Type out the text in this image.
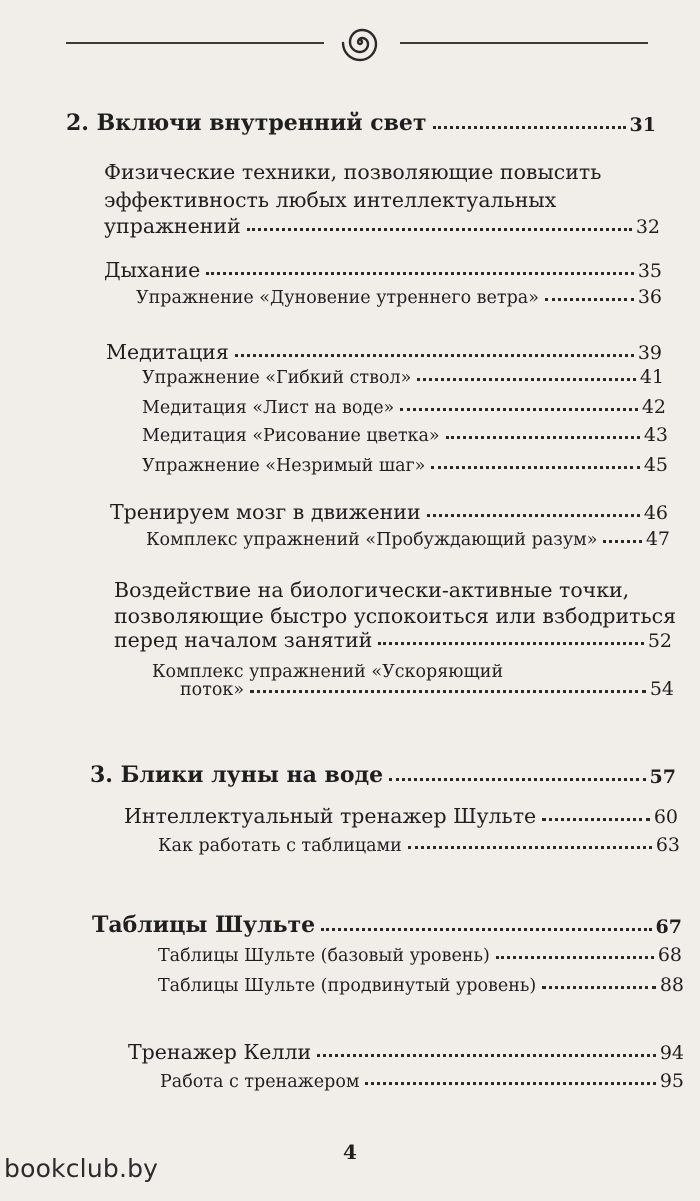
2. Включи внутренний свет	31
Физические техники, позволяющие повысить
эффективность любых интеллектуальных
упражнений	32
Дыхание	35
Упражнение «Дуновение утреннего ветра»	36
Медитация	39
Упражнение «Гибкий ствол»	41
Медитация «Лист на воде»	42
Медитация «Рисование цветка»	43
Упражнение «Незримый шаг»	45
Тренируем мозг в движении	46
Комплекс упражнений «Пробуждающий разум»	47
Воздействие на биологически-активные точки,
позволяющие быстро успокоиться или взбодриться
перед началом занятий	52
Комплекс упражнений «Ускоряющий
поток»	54
3. Блики луны на воде	57
Интеллектуальный тренажер Шульте	60
Как работать с таблицами	63
Таблицы Шульте	67
Таблицы Шульте (базовый уровень)	68
Таблицы Шульте (продвинутый уровень)	88
Тренажер Келли	94
Работа с тренажером	95
4
bookclub.by
